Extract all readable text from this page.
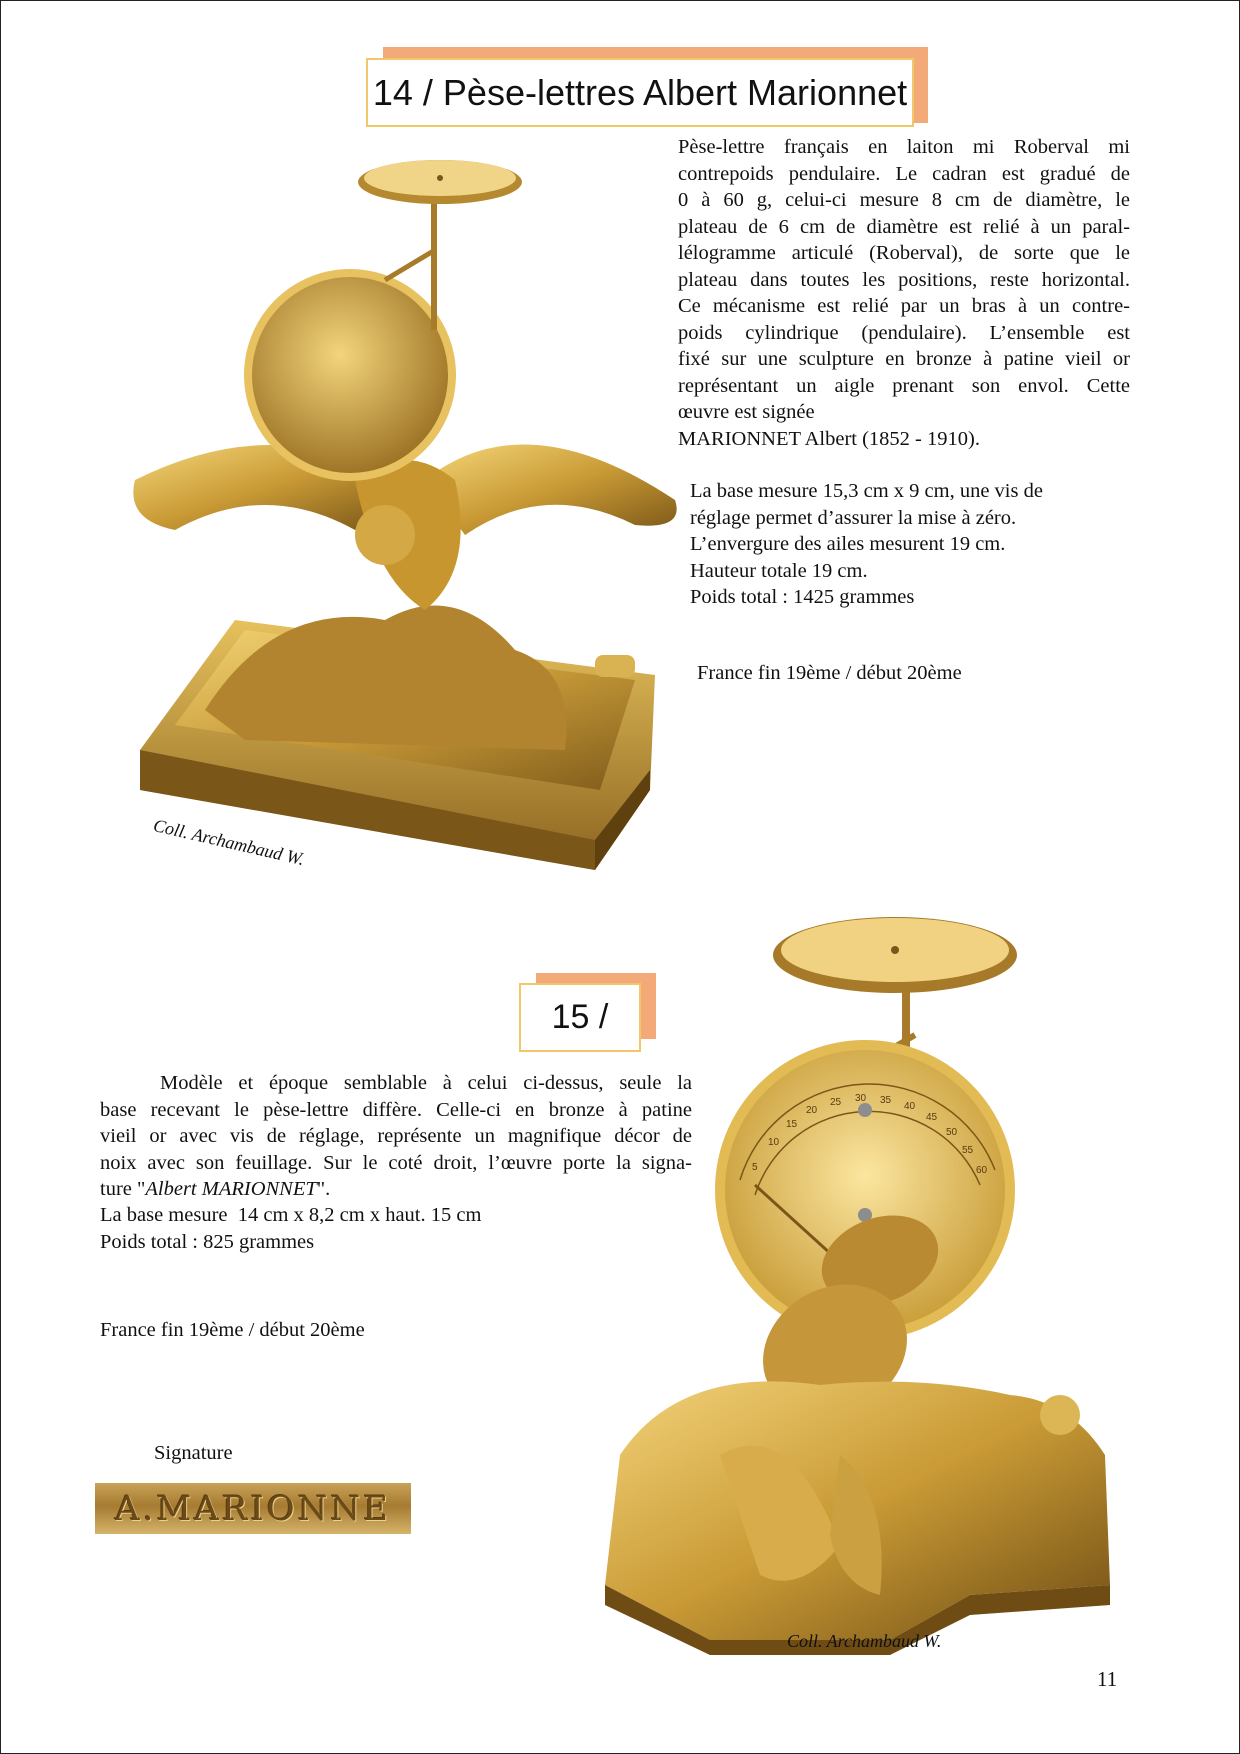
14 / Pèse-lettres Albert Marionnet

Pèse-lettre français en laiton mi Roberval mi

contrepoids pendulaire. Le cadran est gradué de

0 à 60 g, celui-ci mesure 8 cm de diamètre, le

plateau de 6 cm de diamètre est relié à un paral-

lélogramme articulé (Roberval), de sorte que le

plateau dans toutes les positions, reste horizontal.

Ce mécanisme est relié par un bras à un contre-

poids cylindrique (pendulaire). L’ensemble est

fixé sur une sculpture en bronze à patine vieil or

représentant un aigle prenant son envol. Cette

œuvre est signée

MARIONNET Albert (1852 - 1910).

La base mesure 15,3 cm x 9 cm, une vis de

réglage permet d’assurer la mise à zéro.

L’envergure des ailes mesurent 19 cm.

Hauteur totale 19 cm.

Poids total : 1425 grammes

France fin 19ème / début 20ème
Coll. Archambaud W.
15 /
5
10
15
20
25 30 35
40
45
50
55
60

Modèle et époque semblable à celui ci-dessus, seule la

base recevant le pèse-lettre diffère. Celle-ci en bronze à patine

vieil or avec vis de réglage, représente un magnifique décor de

noix avec son feuillage. Sur le coté droit, l’œuvre porte la signa-

ture "Albert MARIONNET".

La base mesure  14 cm x 8,2 cm x haut. 15 cm

Poids total : 825 grammes

France fin 19ème / début 20ème
Signature
A.MARIONNE
Coll. Archambaud W.
11
